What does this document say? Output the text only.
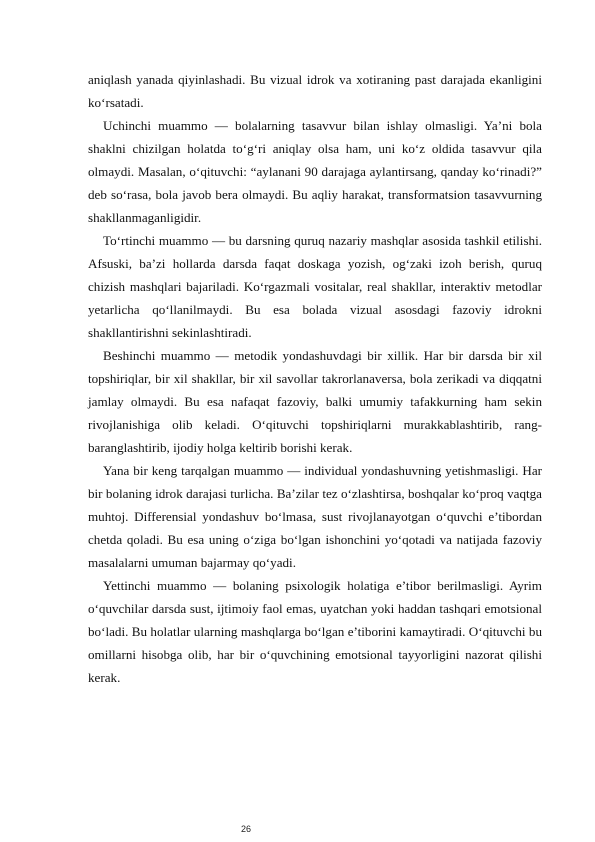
aniqlash yanada qiyinlashadi. Bu vizual idrok va xotiraning past darajada ekanligini ko‘rsatadi.

Uchinchi muammo — bolalarning tasavvur bilan ishlay olmasligi. Ya’ni bola shaklni chizilgan holatda to‘g‘ri aniqlay olsa ham, uni ko‘z oldida tasavvur qila olmaydi. Masalan, o‘qituvchi: “aylanani 90 darajaga aylantirsang, qanday ko‘rinadi?” deb so‘rasa, bola javob bera olmaydi. Bu aqliy harakat, transformatsion tasavvurning shakllanmaganligidir.

To‘rtinchi muammo — bu darsning quruq nazariy mashqlar asosida tashkil etilishi. Afsuski, ba’zi hollarda darsda faqat doskaga yozish, og‘zaki izoh berish, quruq chizish mashqlari bajariladi. Ko‘rgazmali vositalar, real shakllar, interaktiv metodlar yetarlicha qo‘llanilmaydi. Bu esa bolada vizual asosdagi fazoviy idrokni shakllantirishni sekinlashtiradi.

Beshinchi muammo — metodik yondashuvdagi bir xillik. Har bir darsda bir xil topshiriqlar, bir xil shakllar, bir xil savollar takrorlanaversa, bola zerikadi va diqqatni jamlay olmaydi. Bu esa nafaqat fazoviy, balki umumiy tafakkurning ham sekin rivojlanishiga olib keladi. O‘qituvchi topshiriqlarni murakkablashtirib, rang-baranglashtirib, ijodiy holga keltirib borishi kerak.

Yana bir keng tarqalgan muammo — individual yondashuvning yetishmasligi. Har bir bolaning idrok darajasi turlicha. Ba’zilar tez o‘zlashtirsa, boshqalar ko‘proq vaqtga muhtoj. Differensial yondashuv bo‘lmasa, sust rivojlanayotgan o‘quvchi e’tibordan chetda qoladi. Bu esa uning o‘ziga bo‘lgan ishonchini yo‘qotadi va natijada fazoviy masalalarni umuman bajarmay qo‘yadi.

Yettinchi muammo — bolaning psixologik holatiga e’tibor berilmasligi. Ayrim o‘quvchilar darsda sust, ijtimoiy faol emas, uyatchan yoki haddan tashqari emotsional bo‘ladi. Bu holatlar ularning mashqlarga bo‘lgan e’tiborini kamaytiradi. O‘qituvchi bu omillarni hisobga olib, har bir o‘quvchining emotsional tayyorligini nazorat qilishi kerak.

26
